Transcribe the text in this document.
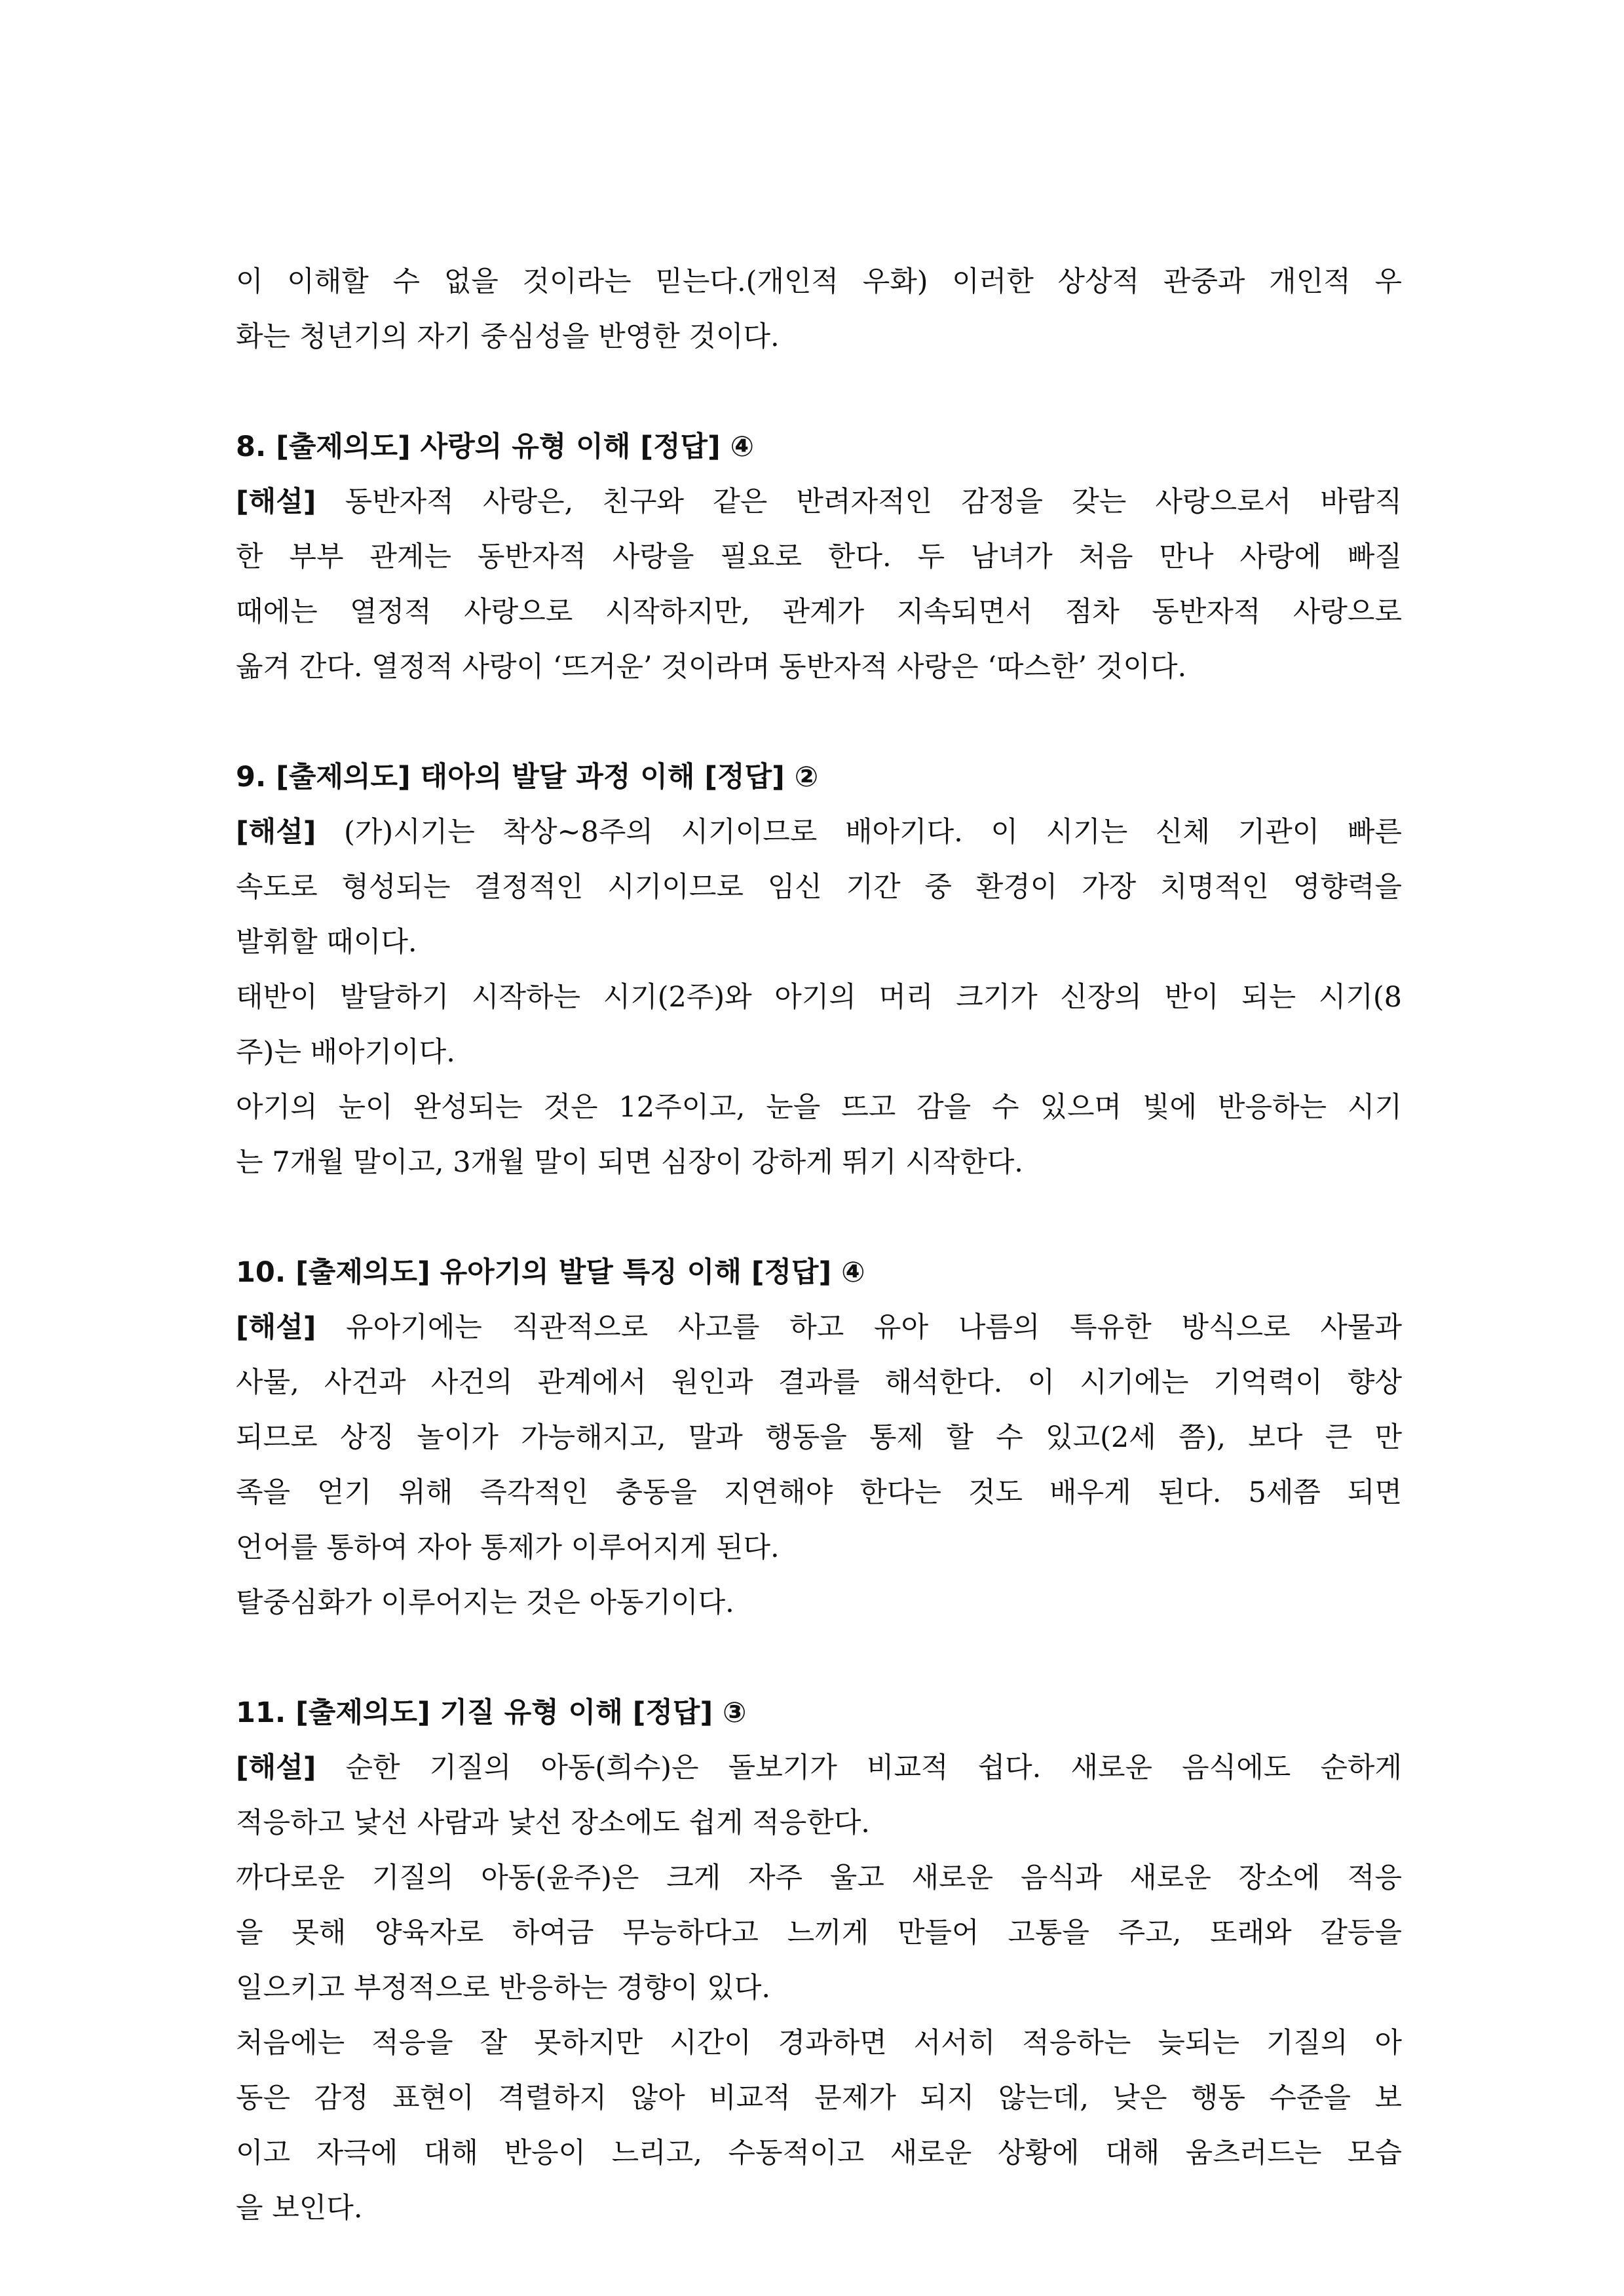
이 이해할 수 없을 것이라는 믿는다.(개인적 우화) 이러한 상상적 관중과 개인적 우
화는 청년기의 자기 중심성을 반영한 것이다.
8. [출제의도] 사랑의 유형 이해 [정답] ④
[해설] 동반자적 사랑은, 친구와 같은 반려자적인 감정을 갖는 사랑으로서 바람직
한 부부 관계는 동반자적 사랑을 필요로 한다. 두 남녀가 처음 만나 사랑에 빠질
때에는 열정적 사랑으로 시작하지만, 관계가 지속되면서 점차 동반자적 사랑으로
옮겨 간다. 열정적 사랑이 ‘뜨거운’ 것이라며 동반자적 사랑은 ‘따스한’ 것이다.
9. [출제의도] 태아의 발달 과정 이해 [정답] ②
[해설] (가)시기는 착상~8주의 시기이므로 배아기다. 이 시기는 신체 기관이 빠른
속도로 형성되는 결정적인 시기이므로 임신 기간 중 환경이 가장 치명적인 영향력을
발휘할 때이다.
태반이 발달하기 시작하는 시기(2주)와 아기의 머리 크기가 신장의 반이 되는 시기(8
주)는 배아기이다.
아기의 눈이 완성되는 것은 12주이고, 눈을 뜨고 감을 수 있으며 빛에 반응하는 시기
는 7개월 말이고, 3개월 말이 되면 심장이 강하게 뛰기 시작한다.
10. [출제의도] 유아기의 발달 특징 이해 [정답] ④
[해설] 유아기에는 직관적으로 사고를 하고 유아 나름의 특유한 방식으로 사물과
사물, 사건과 사건의 관계에서 원인과 결과를 해석한다. 이 시기에는 기억력이 향상
되므로 상징 놀이가 가능해지고, 말과 행동을 통제 할 수 있고(2세 쯤), 보다 큰 만
족을 얻기 위해 즉각적인 충동을 지연해야 한다는 것도 배우게 된다. 5세쯤 되면
언어를 통하여 자아 통제가 이루어지게 된다.
탈중심화가 이루어지는 것은 아동기이다.
11. [출제의도] 기질 유형 이해 [정답] ③
[해설] 순한 기질의 아동(희수)은 돌보기가 비교적 쉽다. 새로운 음식에도 순하게
적응하고 낯선 사람과 낯선 장소에도 쉽게 적응한다.
까다로운 기질의 아동(윤주)은 크게 자주 울고 새로운 음식과 새로운 장소에 적응
을 못해 양육자로 하여금 무능하다고 느끼게 만들어 고통을 주고, 또래와 갈등을
일으키고 부정적으로 반응하는 경향이 있다.
처음에는 적응을 잘 못하지만 시간이 경과하면 서서히 적응하는 늦되는 기질의 아
동은 감정 표현이 격렬하지 않아 비교적 문제가 되지 않는데, 낮은 행동 수준을 보
이고 자극에 대해 반응이 느리고, 수동적이고 새로운 상황에 대해 움츠러드는 모습
을 보인다.
